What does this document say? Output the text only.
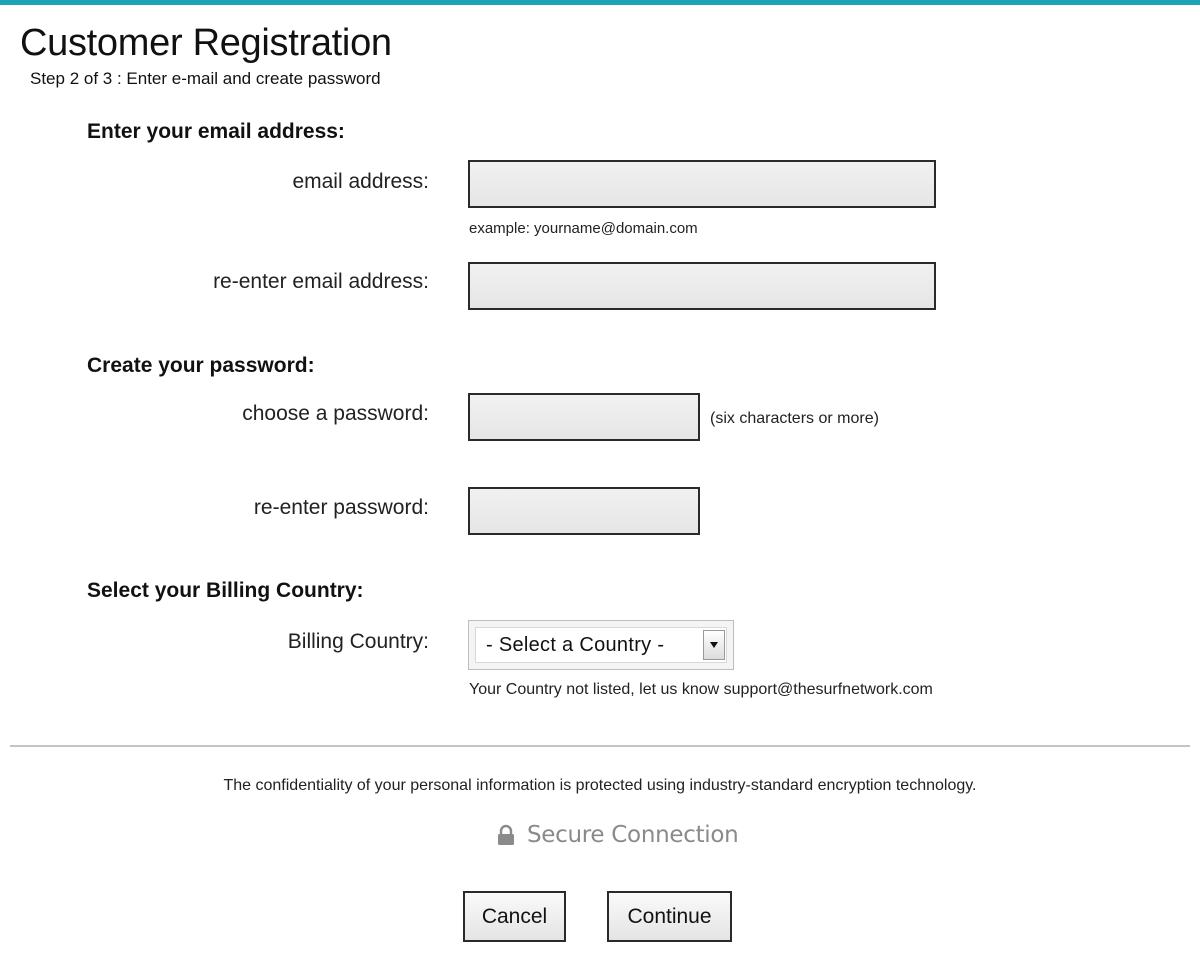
Customer Registration
Step 2 of 3 : Enter e-mail and create password
Enter your email address:
email address:
example: yourname@domain.com
re-enter email address:
Create your password:
choose a password:	(six characters or more)
re-enter password:
Select your Billing Country:
Billing Country:	- Select a Country -
Your Country not listed, let us know support@thesurfnetwork.com
The confidentiality of your personal information is protected using industry-standard encryption technology.
Secure Connection
Cancel	Continue
